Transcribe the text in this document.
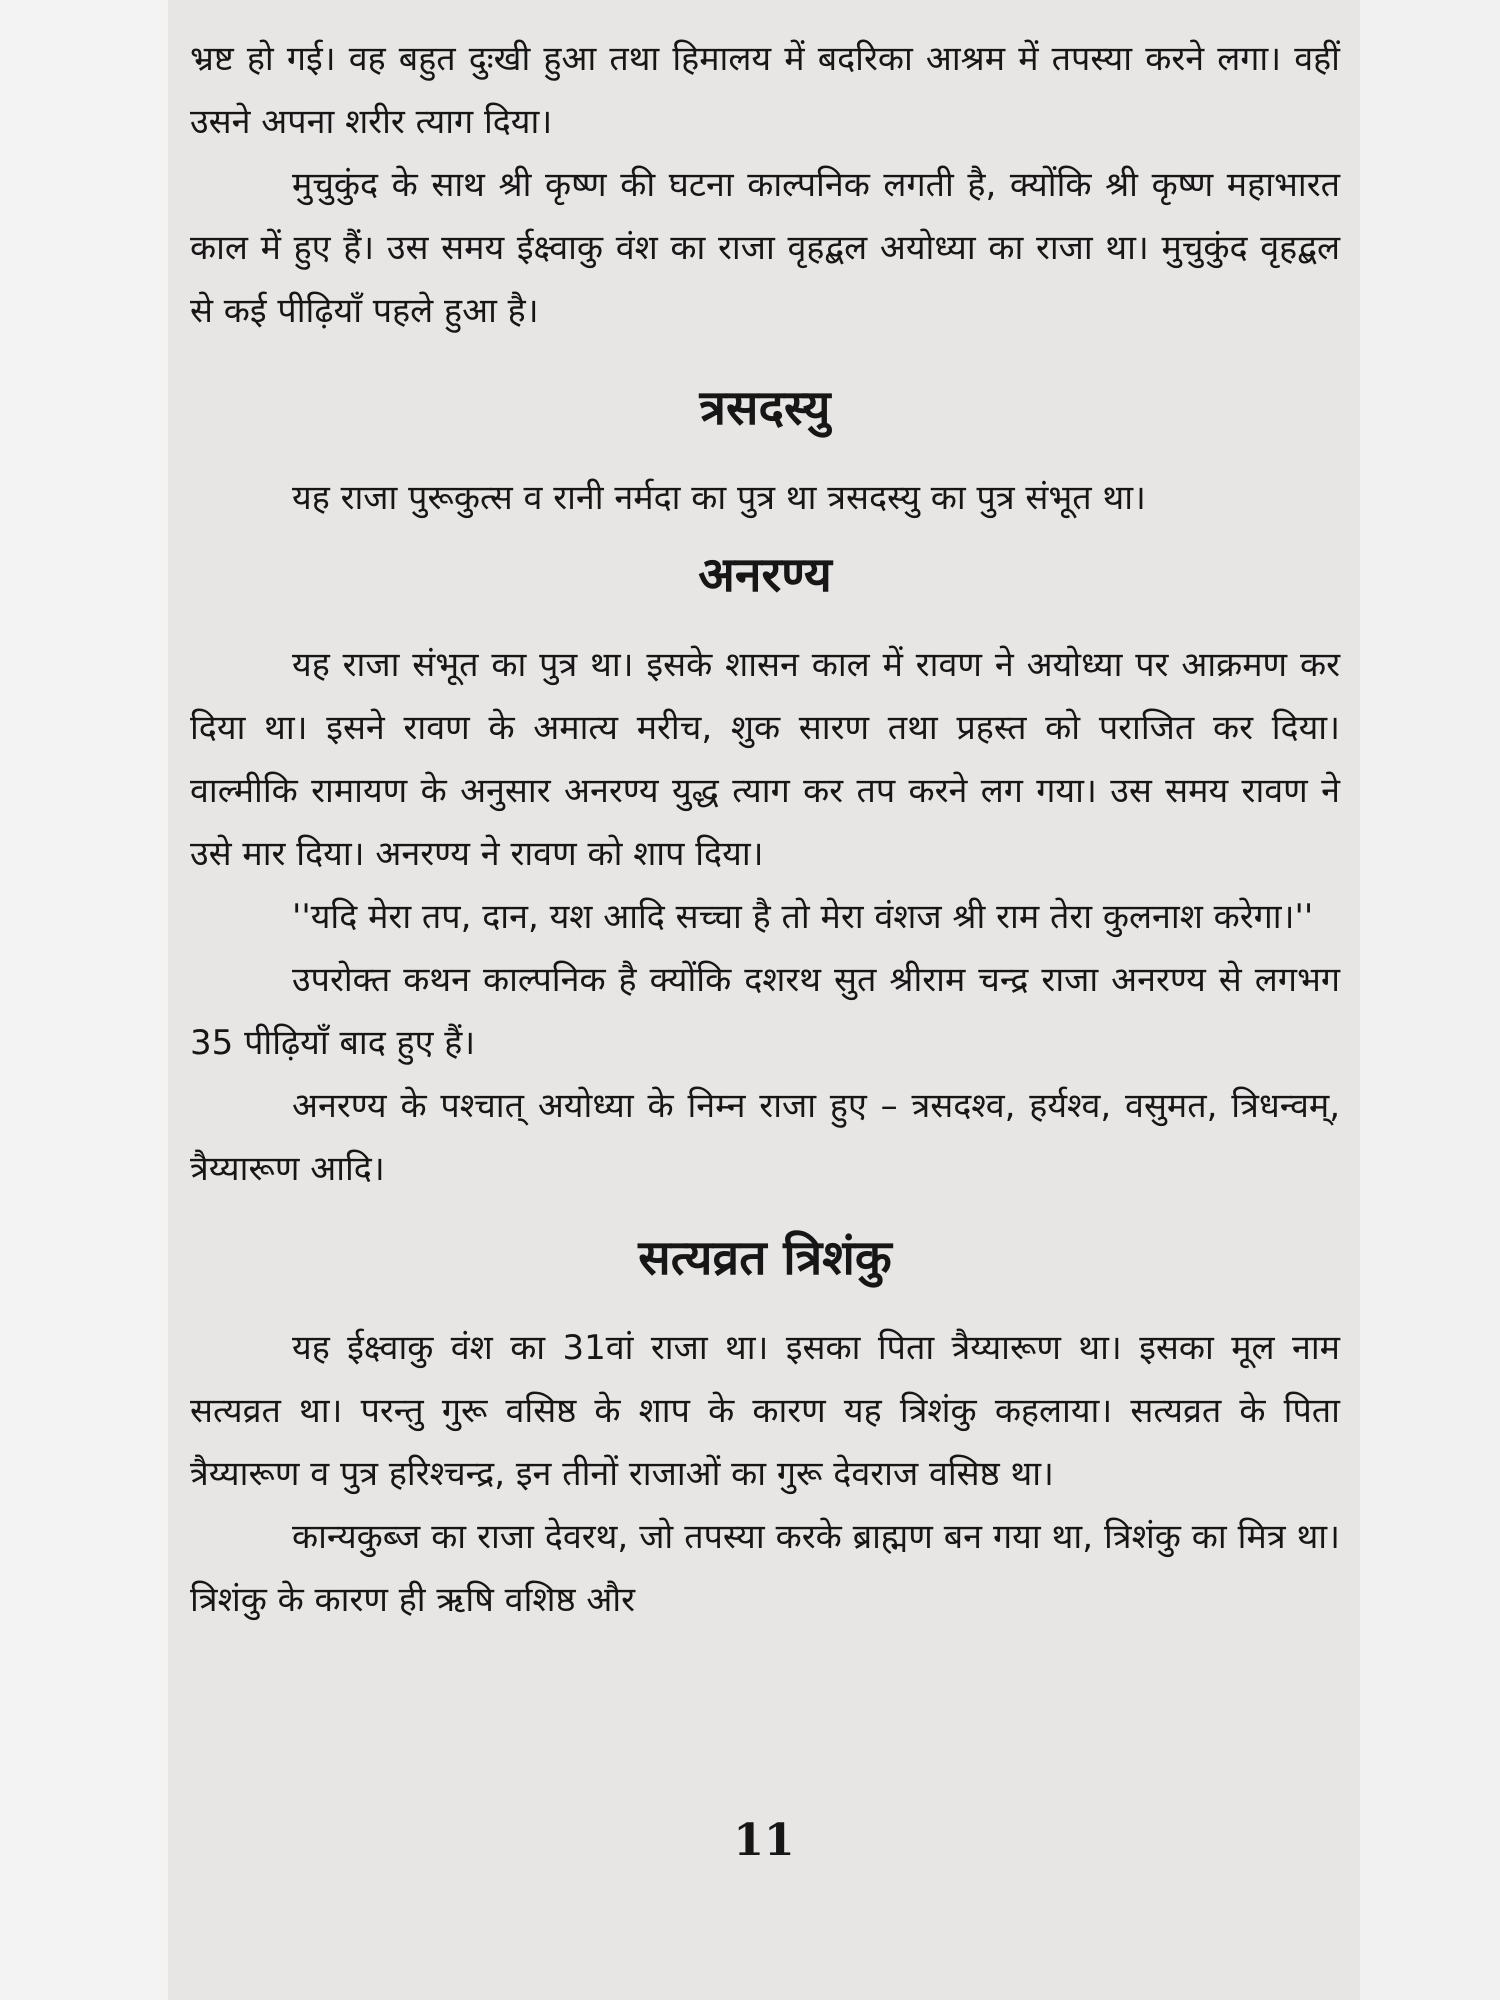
भ्रष्ट हो गई। वह बहुत दुःखी हुआ तथा हिमालय में बदरिका आश्रम में तपस्या करने लगा। वहीं उसने अपना शरीर त्याग दिया।

मुचुकुंद के साथ श्री कृष्ण की घटना काल्पनिक लगती है, क्योंकि श्री कृष्ण महाभारत काल में हुए हैं। उस समय ईक्ष्वाकु वंश का राजा वृहद्बल अयोध्या का राजा था। मुचुकुंद वृहद्बल से कई पीढ़ियाँ पहले हुआ है।

त्रसदस्यु

यह राजा पुरूकुत्स व रानी नर्मदा का पुत्र था त्रसदस्यु का पुत्र संभूत था।

अनरण्य

यह राजा संभूत का पुत्र था। इसके शासन काल में रावण ने अयोध्या पर आक्रमण कर दिया था। इसने रावण के अमात्य मरीच, शुक सारण तथा प्रहस्त को पराजित कर दिया। वाल्मीकि रामायण के अनुसार अनरण्य युद्ध त्याग कर तप करने लग गया। उस समय रावण ने उसे मार दिया। अनरण्य ने रावण को शाप दिया।

''यदि मेरा तप, दान, यश आदि सच्चा है तो मेरा वंशज श्री राम तेरा कुलनाश करेगा।''

उपरोक्त कथन काल्पनिक है क्योंकि दशरथ सुत श्रीराम चन्द्र राजा अनरण्य से लगभग 35 पीढ़ियाँ बाद हुए हैं।

अनरण्य के पश्चात् अयोध्या के निम्न राजा हुए – त्रसदश्व, हर्यश्व, वसुमत, त्रिधन्वम्, त्रैय्यारूण आदि।

सत्यव्रत त्रिशंकु

यह ईक्ष्वाकु वंश का 31वां राजा था। इसका पिता त्रैय्यारूण था। इसका मूल नाम सत्यव्रत था। परन्तु गुरू वसिष्ठ के शाप के कारण यह त्रिशंकु कहलाया। सत्यव्रत के पिता त्रैय्यारूण व पुत्र हरिश्चन्द्र, इन तीनों राजाओं का गुरू देवराज वसिष्ठ था।

कान्यकुब्ज का राजा देवरथ, जो तपस्या करके ब्राह्मण बन गया था, त्रिशंकु का मित्र था। त्रिशंकु के कारण ही ऋषि वशिष्ठ और

11
